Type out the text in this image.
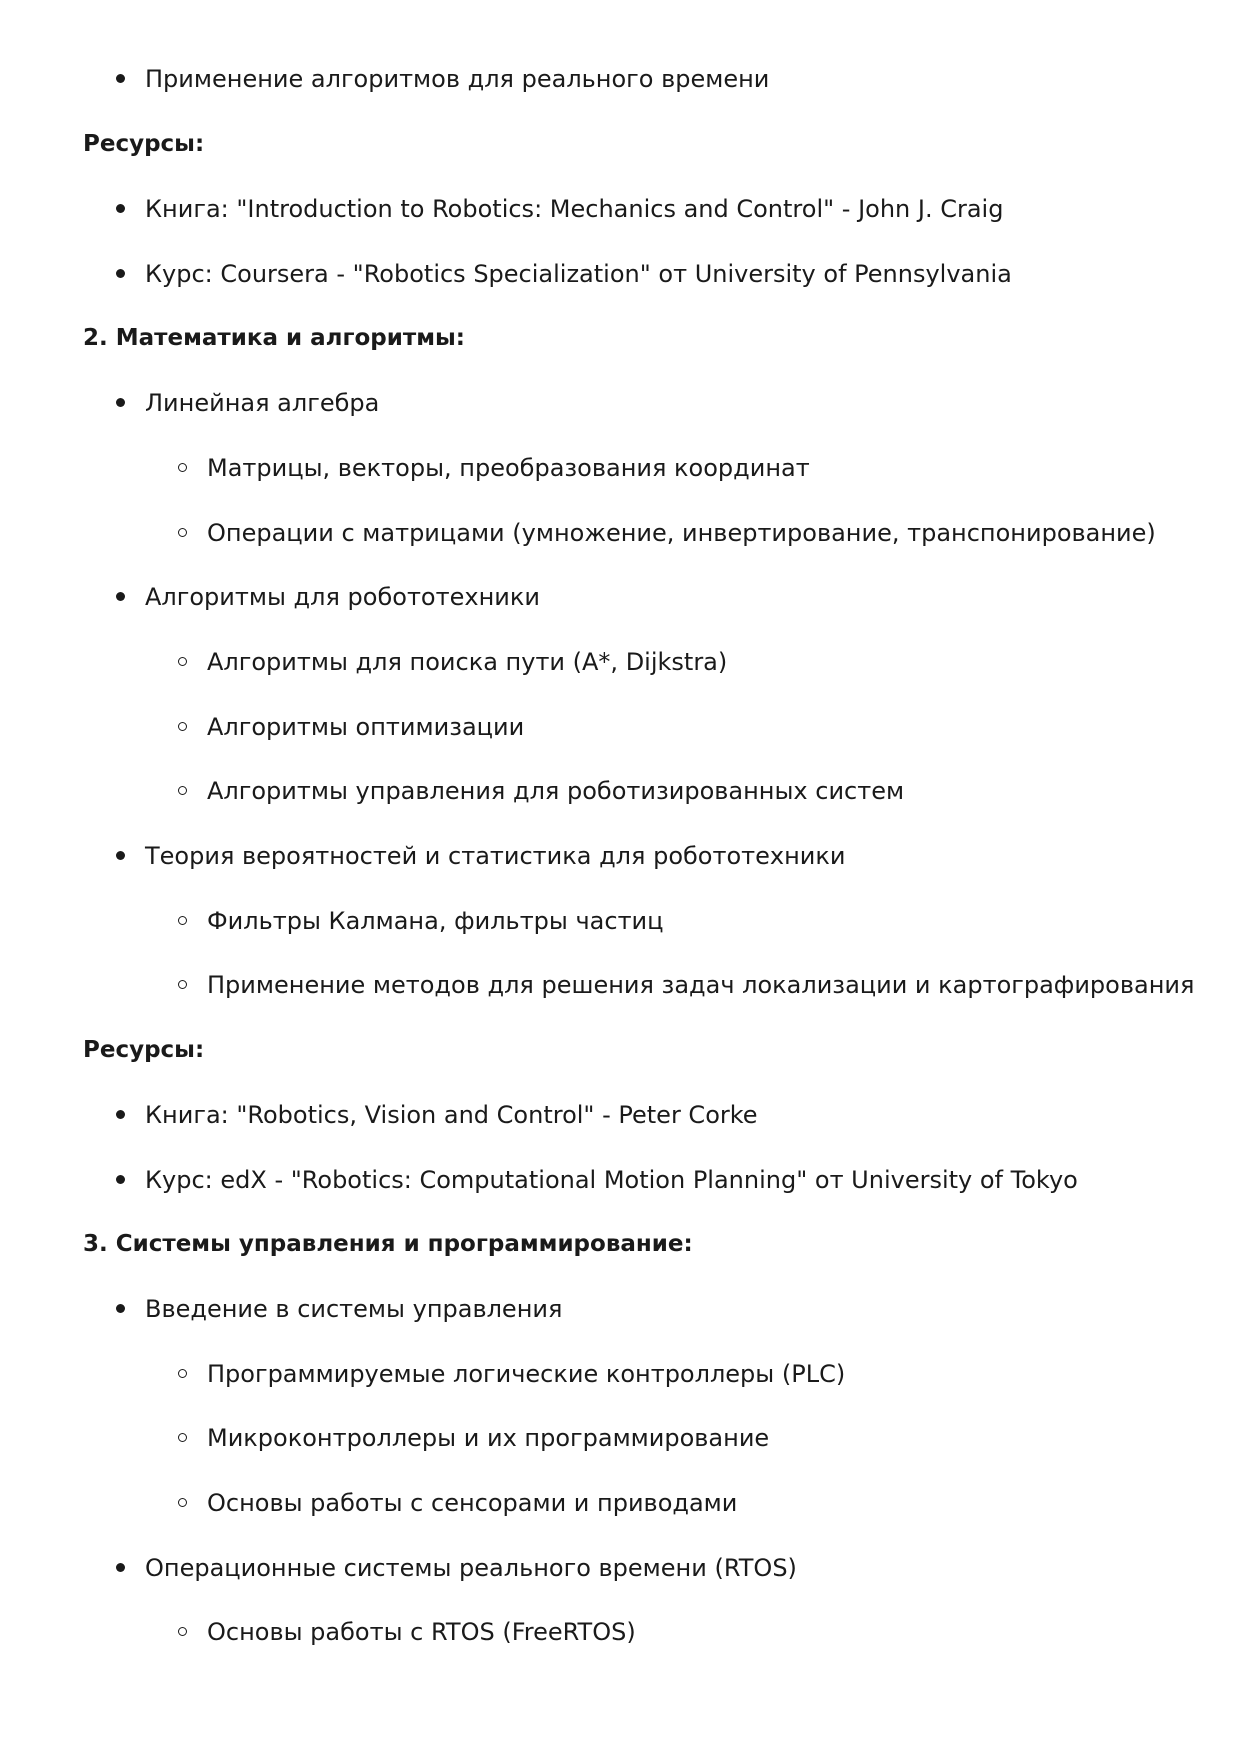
Применение алгоритмов для реального времени
Ресурсы:
Книга: "Introduction to Robotics: Mechanics and Control" - John J. Craig
Курс: Coursera - "Robotics Specialization" от University of Pennsylvania
2. Математика и алгоритмы:
Линейная алгебра
Матрицы, векторы, преобразования координат
Операции с матрицами (умножение, инвертирование, транспонирование)
Алгоритмы для робототехники
Алгоритмы для поиска пути (A*, Dijkstra)
Алгоритмы оптимизации
Алгоритмы управления для роботизированных систем
Теория вероятностей и статистика для робототехники
Фильтры Калмана, фильтры частиц
Применение методов для решения задач локализации и картографирования
Ресурсы:
Книга: "Robotics, Vision and Control" - Peter Corke
Курс: edX - "Robotics: Computational Motion Planning" от University of Tokyo
3. Системы управления и программирование:
Введение в системы управления
Программируемые логические контроллеры (PLC)
Микроконтроллеры и их программирование
Основы работы с сенсорами и приводами
Операционные системы реального времени (RTOS)
Основы работы с RTOS (FreeRTOS)
